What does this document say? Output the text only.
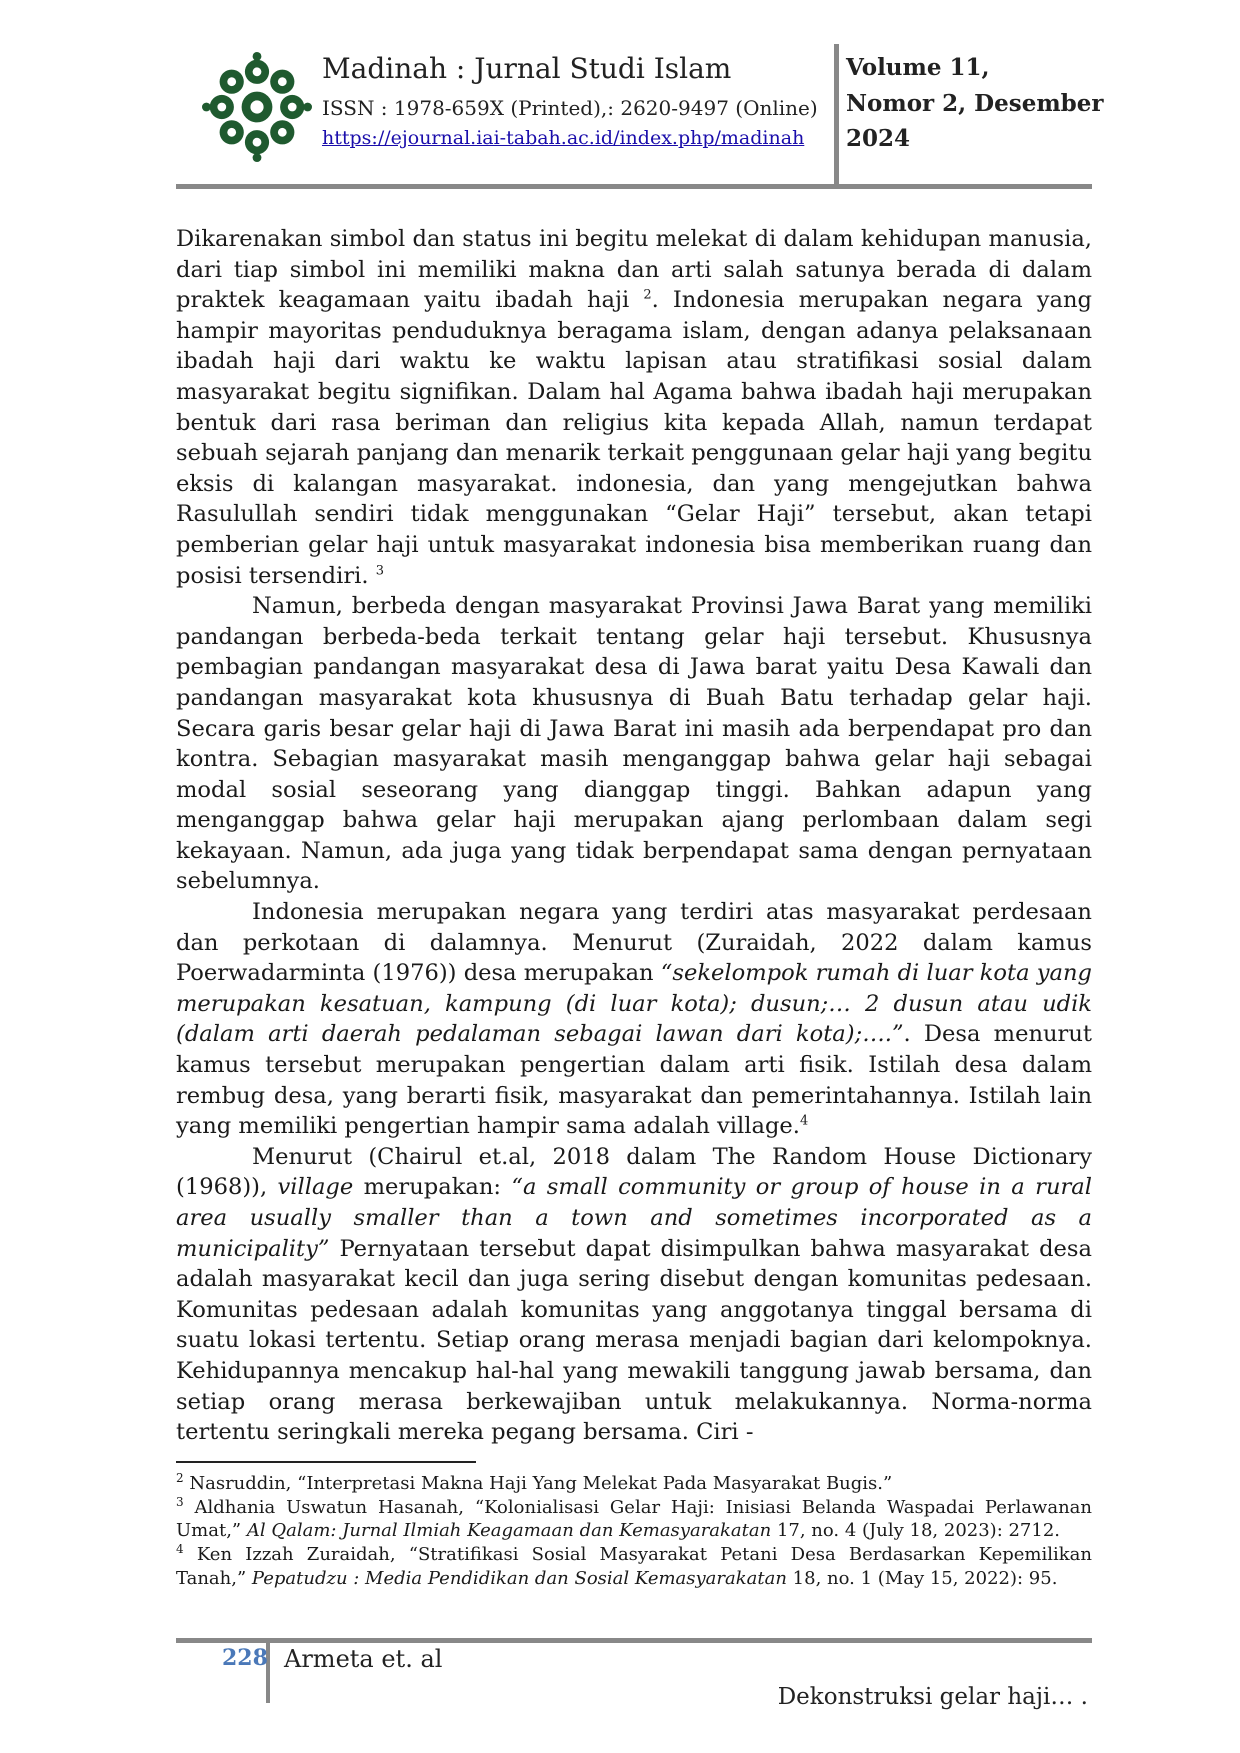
Madinah : Jurnal Studi Islam
ISSN : 1978-659X (Printed),: 2620-9497 (Online)
https://ejournal.iai-tabah.ac.id/index.php/madinah
Volume 11,
Nomor 2, Desember
2024

Dikarenakan simbol dan status ini begitu melekat di dalam kehidupan manusia, dari tiap simbol ini memiliki makna dan arti salah satunya berada di dalam praktek keagamaan yaitu ibadah haji $^2$. Indonesia merupakan negara yang hampir mayoritas penduduknya beragama islam, dengan adanya pelaksanaan ibadah haji dari waktu ke waktu lapisan atau stratifikasi sosial dalam masyarakat begitu signifikan. Dalam hal Agama bahwa ibadah haji merupakan bentuk dari rasa beriman dan religius kita kepada Allah, namun terdapat sebuah sejarah panjang dan menarik terkait penggunaan gelar haji yang begitu eksis di kalangan masyarakat. indonesia, dan yang mengejutkan bahwa Rasulullah sendiri tidak menggunakan “Gelar Haji” tersebut, akan tetapi pemberian gelar haji untuk masyarakat indonesia bisa memberikan ruang dan posisi tersendiri. $^3$

Namun, berbeda dengan masyarakat Provinsi Jawa Barat yang memiliki pandangan berbeda-beda terkait tentang gelar haji tersebut. Khususnya pembagian pandangan masyarakat desa di Jawa barat yaitu Desa Kawali dan pandangan masyarakat kota khususnya di Buah Batu terhadap gelar haji. Secara garis besar gelar haji di Jawa Barat ini masih ada berpendapat pro dan kontra. Sebagian masyarakat masih menganggap bahwa gelar haji sebagai modal sosial seseorang yang dianggap tinggi. Bahkan adapun yang menganggap bahwa gelar haji merupakan ajang perlombaan dalam segi kekayaan. Namun, ada juga yang tidak berpendapat sama dengan pernyataan sebelumnya.

Indonesia merupakan negara yang terdiri atas masyarakat perdesaan dan perkotaan di dalamnya. Menurut (Zuraidah, 2022 dalam kamus Poerwadarminta (1976)) desa merupakan “sekelompok rumah di luar kota yang merupakan kesatuan, kampung (di luar kota); dusun;… 2 dusun atau udik (dalam arti daerah pedalaman sebagai lawan dari kota);….”. Desa menurut kamus tersebut merupakan pengertian dalam arti fisik. Istilah desa dalam rembug desa, yang berarti fisik, masyarakat dan pemerintahannya. Istilah lain yang memiliki pengertian hampir sama adalah village.$^4$

Menurut (Chairul et.al, 2018 dalam The Random House Dictionary (1968)), village merupakan: “a small community or group of house in a rural area usually smaller than a town and sometimes incorporated as a municipality” Pernyataan tersebut dapat disimpulkan bahwa masyarakat desa adalah masyarakat kecil dan juga sering disebut dengan komunitas pedesaan. Komunitas pedesaan adalah komunitas yang anggotanya tinggal bersama di suatu lokasi tertentu. Setiap orang merasa menjadi bagian dari kelompoknya. Kehidupannya mencakup hal-hal yang mewakili tanggung jawab bersama, dan setiap orang merasa berkewajiban untuk melakukannya. Norma-norma tertentu seringkali mereka pegang bersama. Ciri -

$^2$ Nasruddin, “Interpretasi Makna Haji Yang Melekat Pada Masyarakat Bugis.”

$^3$ Aldhania Uswatun Hasanah, “Kolonialisasi Gelar Haji: Inisiasi Belanda Waspadai Perlawanan Umat,” Al Qalam: Jurnal Ilmiah Keagamaan dan Kemasyarakatan 17, no. 4 (July 18, 2023): 2712.

$^4$ Ken Izzah Zuraidah, “Stratifikasi Sosial Masyarakat Petani Desa Berdasarkan Kepemilikan Tanah,” Pepatudzu : Media Pendidikan dan Sosial Kemasyarakatan 18, no. 1 (May 15, 2022): 95.

228 Armeta et. al
Dekonstruksi gelar haji… .
